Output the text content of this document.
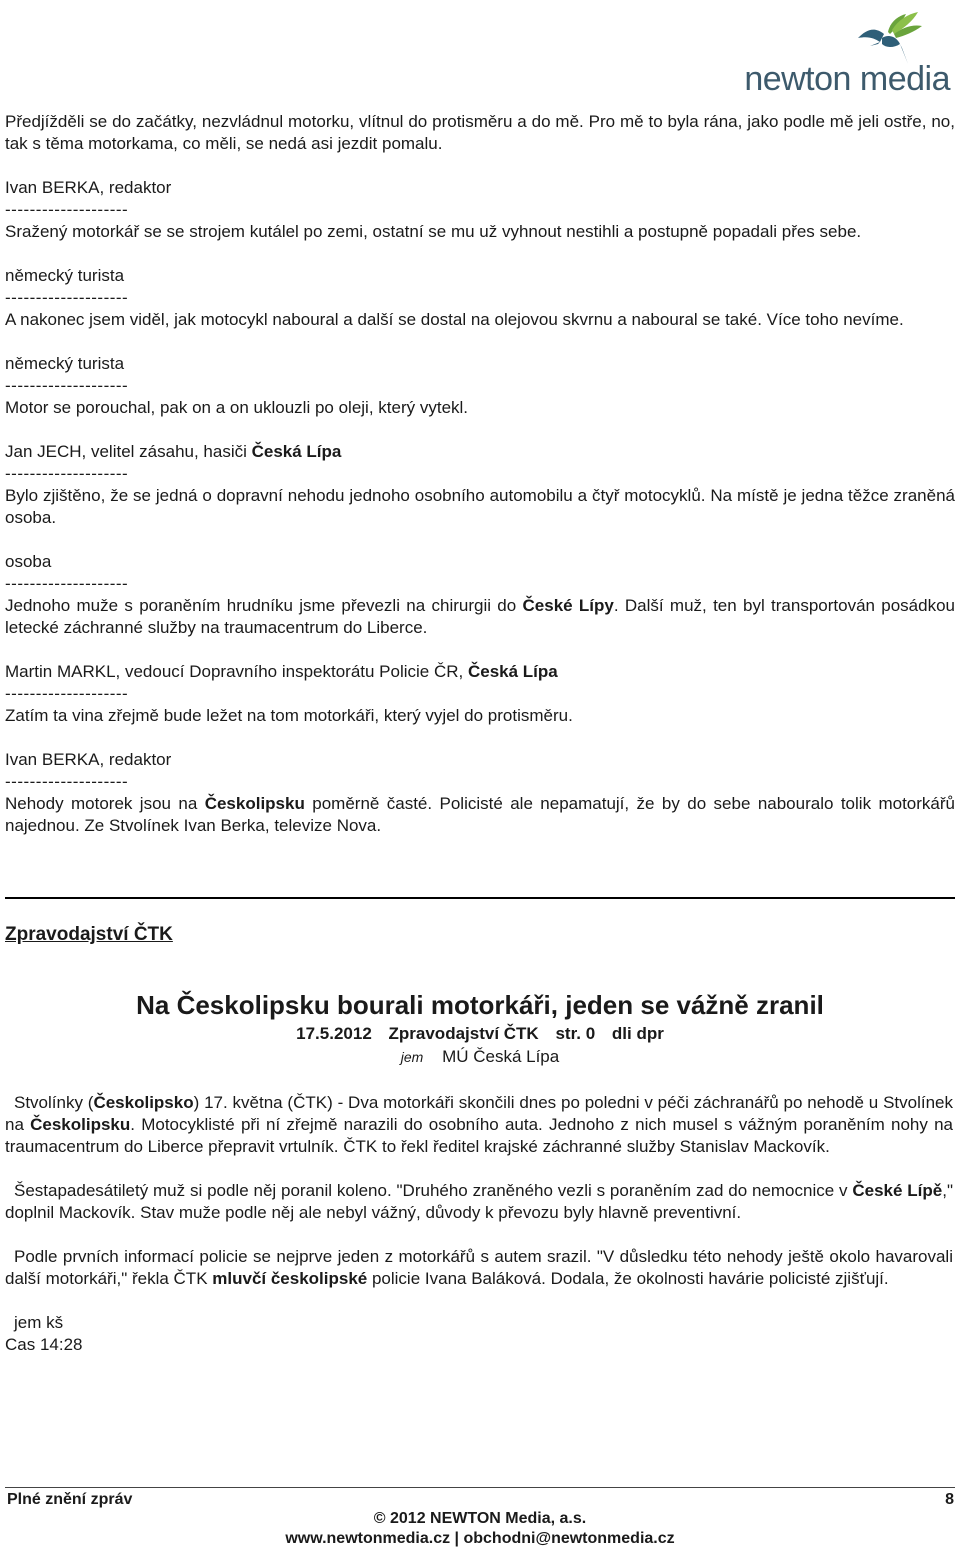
newton media

Předjížděli se do začátky, nezvládnul motorku, vlítnul do protisměru a do mě. Pro mě to byla rána, jako podle mě jeli ostře, no, tak s těma motorkama, co měli, se nedá asi jezdit pomalu.

Ivan BERKA, redaktor

--------------------

Sražený motorkář se se strojem kutálel po zemi, ostatní se mu už vyhnout nestihli a postupně popadali přes sebe.

německý turista

--------------------

A nakonec jsem viděl, jak motocykl naboural a další se dostal na olejovou skvrnu a naboural se také. Více toho nevíme.

německý turista

--------------------

Motor se porouchal, pak on a on uklouzli po oleji, který vytekl.

Jan JECH, velitel zásahu, hasiči Česká Lípa

--------------------

Bylo zjištěno, že se jedná o dopravní nehodu jednoho osobního automobilu a čtyř motocyklů. Na místě je jedna těžce zraněná osoba.

osoba

--------------------

Jednoho muže s poraněním hrudníku jsme převezli na chirurgii do České Lípy. Další muž, ten byl transportován posádkou letecké záchranné služby na traumacentrum do Liberce.

Martin MARKL, vedoucí Dopravního inspektorátu Policie ČR, Česká Lípa

--------------------

Zatím ta vina zřejmě bude ležet na tom motorkáři, který vyjel do protisměru.

Ivan BERKA, redaktor

--------------------

Nehody motorek jsou na Českolipsku poměrně časté. Policisté ale nepamatují, že by do sebe nabouralo tolik motorkářů najednou. Ze Stvolínek Ivan Berka, televize Nova.

Zpravodajství ČTK
Na Českolipsku bourali motorkáři, jeden se vážně zranil
17.5.2012 Zpravodajství ČTK str. 0 dli dpr
jem MÚ Česká Lípa

Stvolínky (Českolipsko) 17. května (ČTK) - Dva motorkáři skončili dnes po poledni v péči záchranářů po nehodě u Stvolínek na Českolipsku. Motocyklisté při ní zřejmě narazili do osobního auta. Jednoho z nich musel s vážným poraněním nohy na traumacentrum do Liberce přepravit vrtulník. ČTK to řekl ředitel krajské záchranné služby Stanislav Mackovík.

Šestapadesátiletý muž si podle něj poranil koleno. "Druhého zraněného vezli s poraněním zad do nemocnice v České Lípě," doplnil Mackovík. Stav muže podle něj ale nebyl vážný, důvody k převozu byly hlavně preventivní.

Podle prvních informací policie se nejprve jeden z motorkářů s autem srazil. "V důsledku této nehody ještě okolo havarovali další motorkáři," řekla ČTK mluvčí českolipské policie Ivana Baláková. Dodala, že okolnosti havárie policisté zjišťují.

jem kš

Cas 14:28

Plné znění zpráv	8
© 2012 NEWTON Media, a.s.
www.newtonmedia.cz | obchodni@newtonmedia.cz
